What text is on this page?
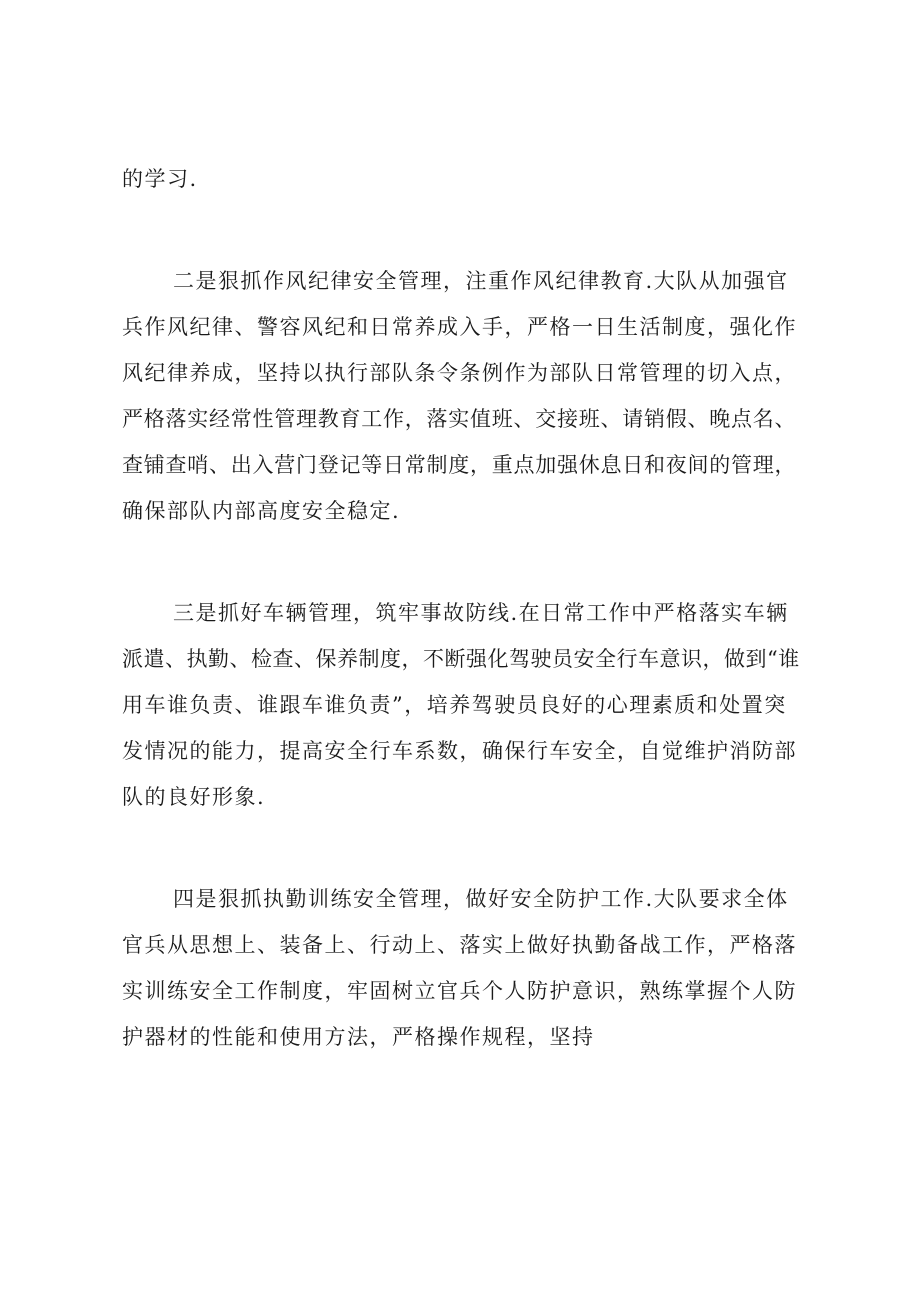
的学习.

二是狠抓作风纪律安全管理，注重作风纪律教育.大队从加强官

兵作风纪律、警容风纪和日常养成入手，严格一日生活制度，强化作

风纪律养成，坚持以执行部队条令条例作为部队日常管理的切入点，

严格落实经常性管理教育工作，落实值班、交接班、请销假、晚点名、

查铺查哨、出入营门登记等日常制度，重点加强休息日和夜间的管理，

确保部队内部高度安全稳定.

三是抓好车辆管理，筑牢事故防线.在日常工作中严格落实车辆

派遣、执勤、检查、保养制度，不断强化驾驶员安全行车意识，做到“谁

用车谁负责、谁跟车谁负责”，培养驾驶员良好的心理素质和处置突

发情况的能力，提高安全行车系数，确保行车安全，自觉维护消防部

队的良好形象.

四是狠抓执勤训练安全管理，做好安全防护工作.大队要求全体

官兵从思想上、装备上、行动上、落实上做好执勤备战工作，严格落

实训练安全工作制度，牢固树立官兵个人防护意识，熟练掌握个人防

护器材的性能和使用方法，严格操作规程，坚持
